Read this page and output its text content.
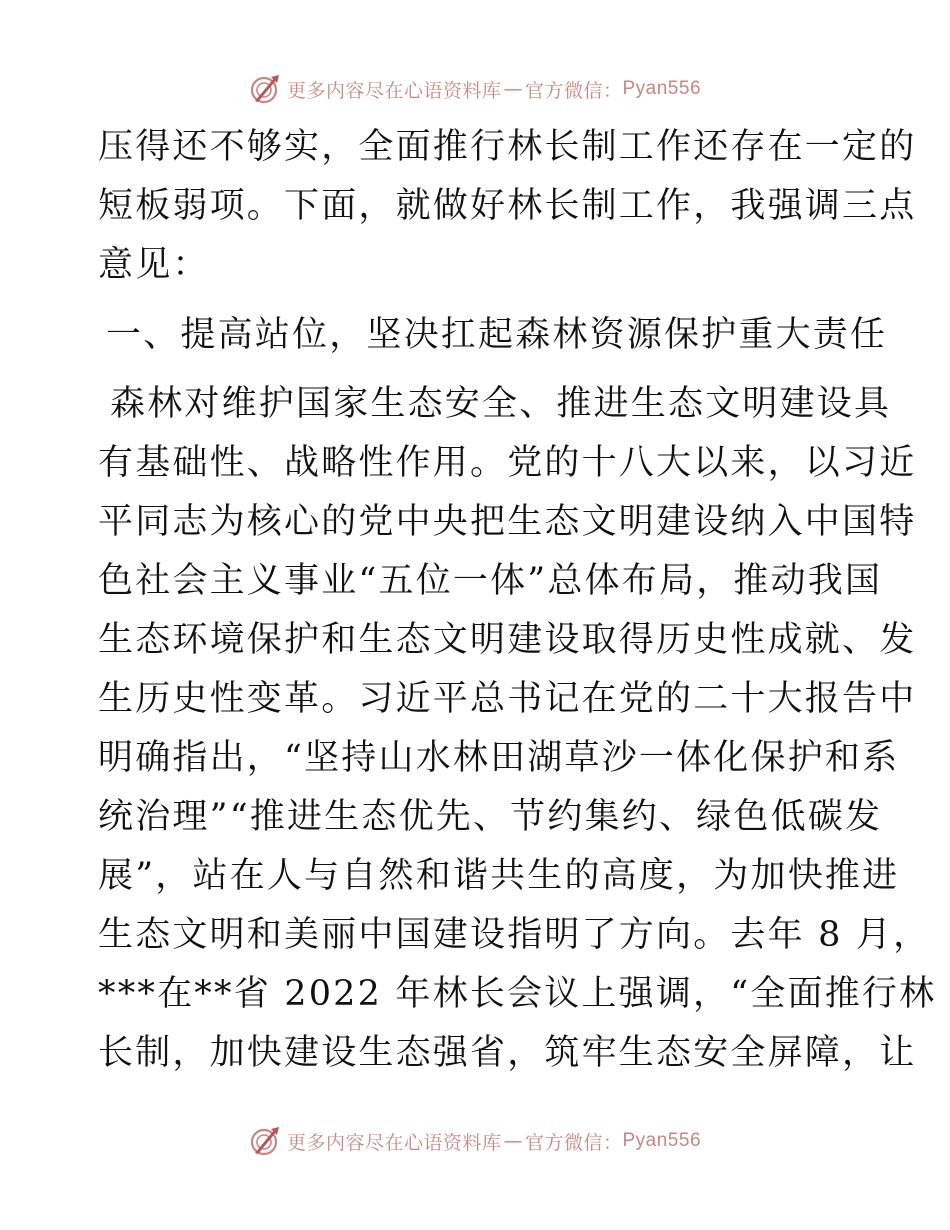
更多内容尽在心语资料库 — 官方微信： Pyan556
压得还不够实，全面推行林长制工作还存在一定的
短板弱项。下面，就做好林长制工作，我强调三点
意见：
一、提高站位，坚决扛起森林资源保护重大责任
森林对维护国家生态安全、推进生态文明建设具
有基础性、战略性作用。党的十八大以来，以习近
平同志为核心的党中央把生态文明建设纳入中国特
色社会主义事业“五位一体”总体布局，推动我国
生态环境保护和生态文明建设取得历史性成就、发
生历史性变革。习近平总书记在党的二十大报告中
明确指出，“坚持山水林田湖草沙一体化保护和系
统治理”“推进生态优先、节约集约、绿色低碳发
展”，站在人与自然和谐共生的高度，为加快推进
生态文明和美丽中国建设指明了方向。去年 8 月，
***在**省 2022 年林长会议上强调，“全面推行林
长制，加快建设生态强省，筑牢生态安全屏障，让
更多内容尽在心语资料库 — 官方微信： Pyan556
